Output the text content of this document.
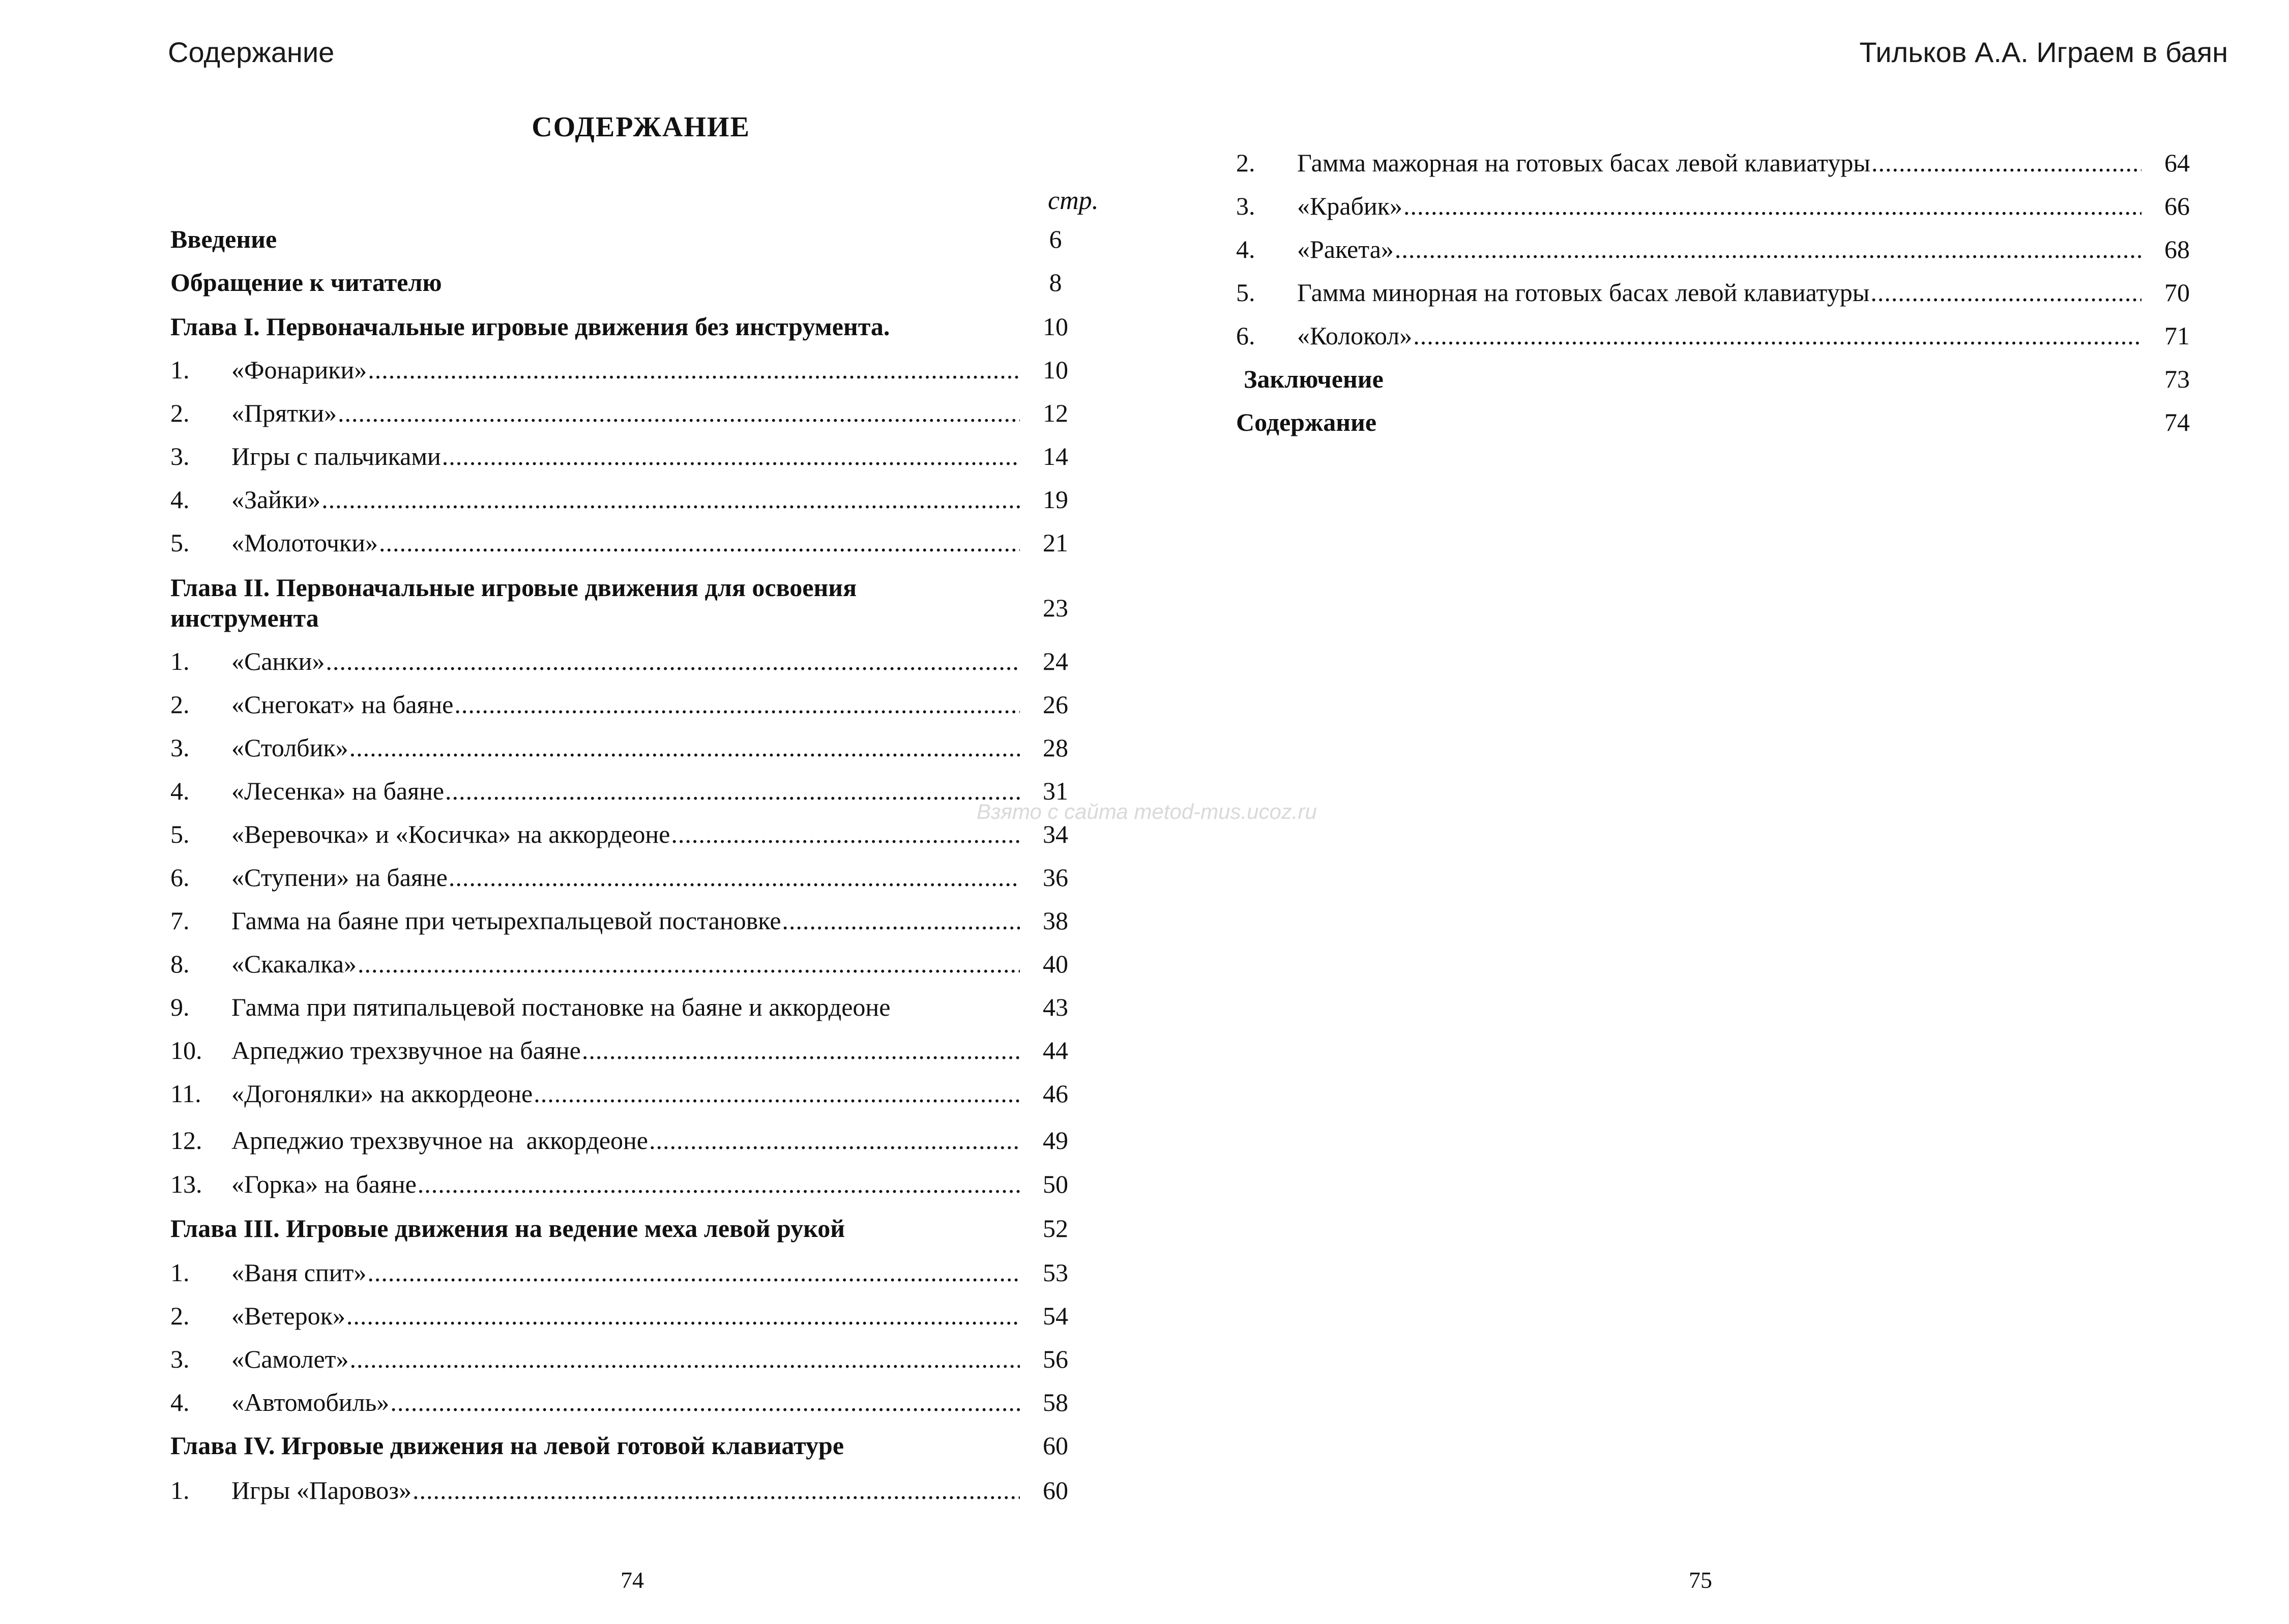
Содержание	Тильков А.А. Играем в баян
СОДЕРЖАНИЕ
стр.
Введение	6
Обращение к читателю	8
Глава I. Первоначальные игровые движения без инструмента.	10
1. «Фонарики» .....	10
2. «Прятки» .....	12
3. Игры с пальчиками .....	14
4. «Зайки» .....	19
5. «Молоточки» .....	21
Глава II. Первоначальные игровые движения для освоения инструмента	23
1. «Санки» .....	24
2. «Снегокат» на баяне .....	26
3. «Столбик» .....	28
4. «Лесенка» на баяне .....	31
5. «Веревочка» и «Косичка» на аккордеоне .....	34
6. «Ступени» на баяне .....	36
7. Гамма на баяне при четырехпальцевой постановке .....	38
8. «Скакалка» .....	40
9. Гамма при пятипальцевой постановке на баяне и аккордеоне	43
10. Арпеджио трехзвучное на баяне .....	44
11. «Догонялки» на аккордеоне .....	46
12. Арпеджио трехзвучное на  аккордеоне .....	49
13. «Горка» на баяне .....	50
Глава III. Игровые движения на ведение меха левой рукой	52
1. «Ваня спит» .....	53
2. «Ветерок» .....	54
3. «Самолет» .....	56
4. «Автомобиль» .....	58
Глава IV. Игровые движения на левой готовой клавиатуре	60
1. Игры «Паровоз» .....	60
2. Гамма мажорная на готовых басах левой клавиатуры .....	64
3. «Крабик» .....	66
4. «Ракета» .....	68
5. Гамма минорная на готовых басах левой клавиатуры .....	70
6. «Колокол» .....	71
Заключение	73
Содержание	74
Взято с сайта metod-mus.ucoz.ru
74	75
